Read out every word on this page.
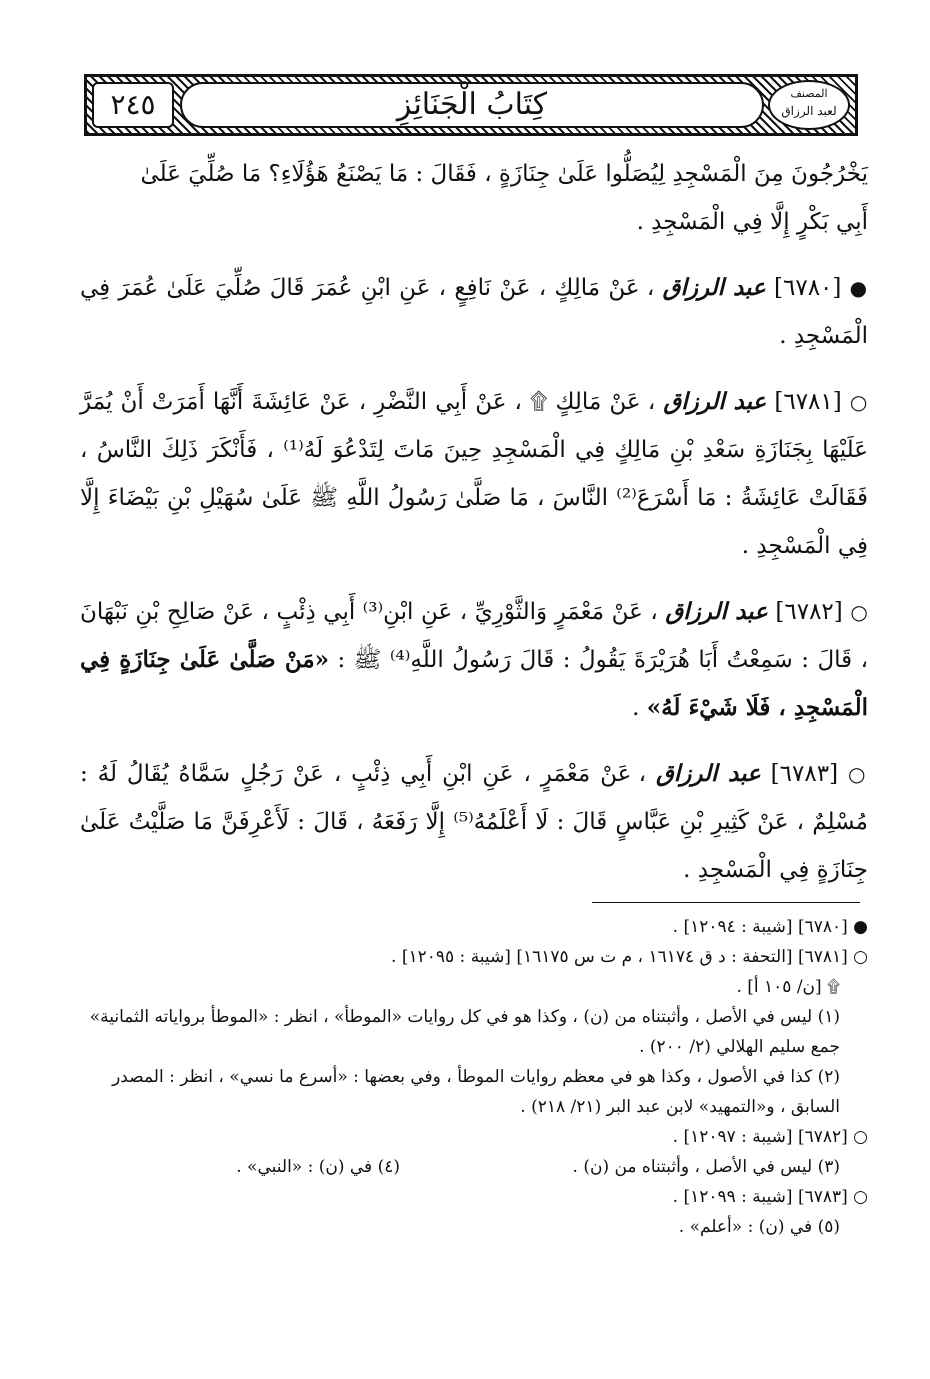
كِتَابُ الْجَنَائِزِ
٢٤٥	المصنف
لعبد الرزاق

يَخْرُجُونَ مِنَ الْمَسْجِدِ لِيُصَلُّوا عَلَىٰ جِنَازَةٍ ، فَقَالَ : مَا يَصْنَعُ هَؤُلَاءِ؟ مَا صُلِّيَ عَلَىٰ
أَبِي بَكْرٍ إِلَّا فِي الْمَسْجِدِ .

● [٦٧٨٠] عبد الرزاق ، عَنْ مَالِكٍ ، عَنْ نَافِعٍ ، عَنِ ابْنِ عُمَرَ قَالَ صُلِّيَ عَلَىٰ عُمَرَ فِي الْمَسْجِدِ .

○ [٦٧٨١] عبد الرزاق ، عَنْ مَالِكٍ ۩ ، عَنْ أَبِي النَّضْرِ ، عَنْ عَائِشَةَ أَنَّهَا أَمَرَتْ أَنْ يُمَرَّ عَلَيْهَا بِجَنَازَةِ سَعْدِ بْنِ مَالِكٍ فِي الْمَسْجِدِ حِينَ مَاتَ لِتَدْعُوَ لَهُ⁽¹⁾ ، فَأَنْكَرَ ذَلِكَ النَّاسُ ، فَقَالَتْ عَائِشَةُ : مَا أَسْرَعَ⁽²⁾ النَّاسَ ، مَا صَلَّىٰ رَسُولُ اللَّهِ ﷺ عَلَىٰ سُهَيْلِ بْنِ بَيْضَاءَ إِلَّا فِي الْمَسْجِدِ .

○ [٦٧٨٢] عبد الرزاق ، عَنْ مَعْمَرٍ وَالثَّوْرِيِّ ، عَنِ ابْنِ⁽³⁾ أَبِي ذِئْبٍ ، عَنْ صَالِحِ بْنِ نَبْهَانَ ، قَالَ : سَمِعْتُ أَبَا هُرَيْرَةَ يَقُولُ : قَالَ رَسُولُ اللَّهِ⁽⁴⁾ ﷺ : «مَنْ صَلَّىٰ عَلَىٰ جِنَازَةٍ فِي الْمَسْجِدِ ، فَلَا شَيْءَ لَهُ» .

○ [٦٧٨٣] عبد الرزاق ، عَنْ مَعْمَرٍ ، عَنِ ابْنِ أَبِي ذِئْبٍ ، عَنْ رَجُلٍ سَمَّاهُ يُقَالُ لَهُ : مُسْلِمٌ ، عَنْ كَثِيرِ بْنِ عَبَّاسٍ قَالَ : لَا أَعْلَمُهُ⁽⁵⁾ إِلَّا رَفَعَهُ ، قَالَ : لَأَعْرِفَنَّ مَا صَلَّيْتُ عَلَىٰ جِنَازَةٍ فِي الْمَسْجِدِ .

● [٦٧٨٠] [شيبة : ١٢٠٩٤] .

○ [٦٧٨١] [التحفة : د ق ١٦١٧٤ ، م ت س ١٦١٧٥] [شيبة : ١٢٠٩٥] .

۩ [ن/ ١٠٥ أ] .

(١) ليس في الأصل ، وأثبتناه من (ن) ، وكذا هو في كل روايات «الموطأ» ، انظر : «الموطأ برواياته الثمانية»

جمع سليم الهلالي (٢/ ٢٠٠) .

(٢) كذا في الأصول ، وكذا هو في معظم روايات الموطأ ، وفي بعضها : «أسرع ما نسي» ، انظر : المصدر

السابق ، و«التمهيد» لابن عبد البر (٢١/ ٢١٨) .

○ [٦٧٨٢] [شيبة : ١٢٠٩٧] .

(٣) ليس في الأصل ، وأثبتناه من (ن) .
(٤) في (ن) : «النبي» .

○ [٦٧٨٣] [شيبة : ١٢٠٩٩] .

(٥) في (ن) : «أعلم» .
